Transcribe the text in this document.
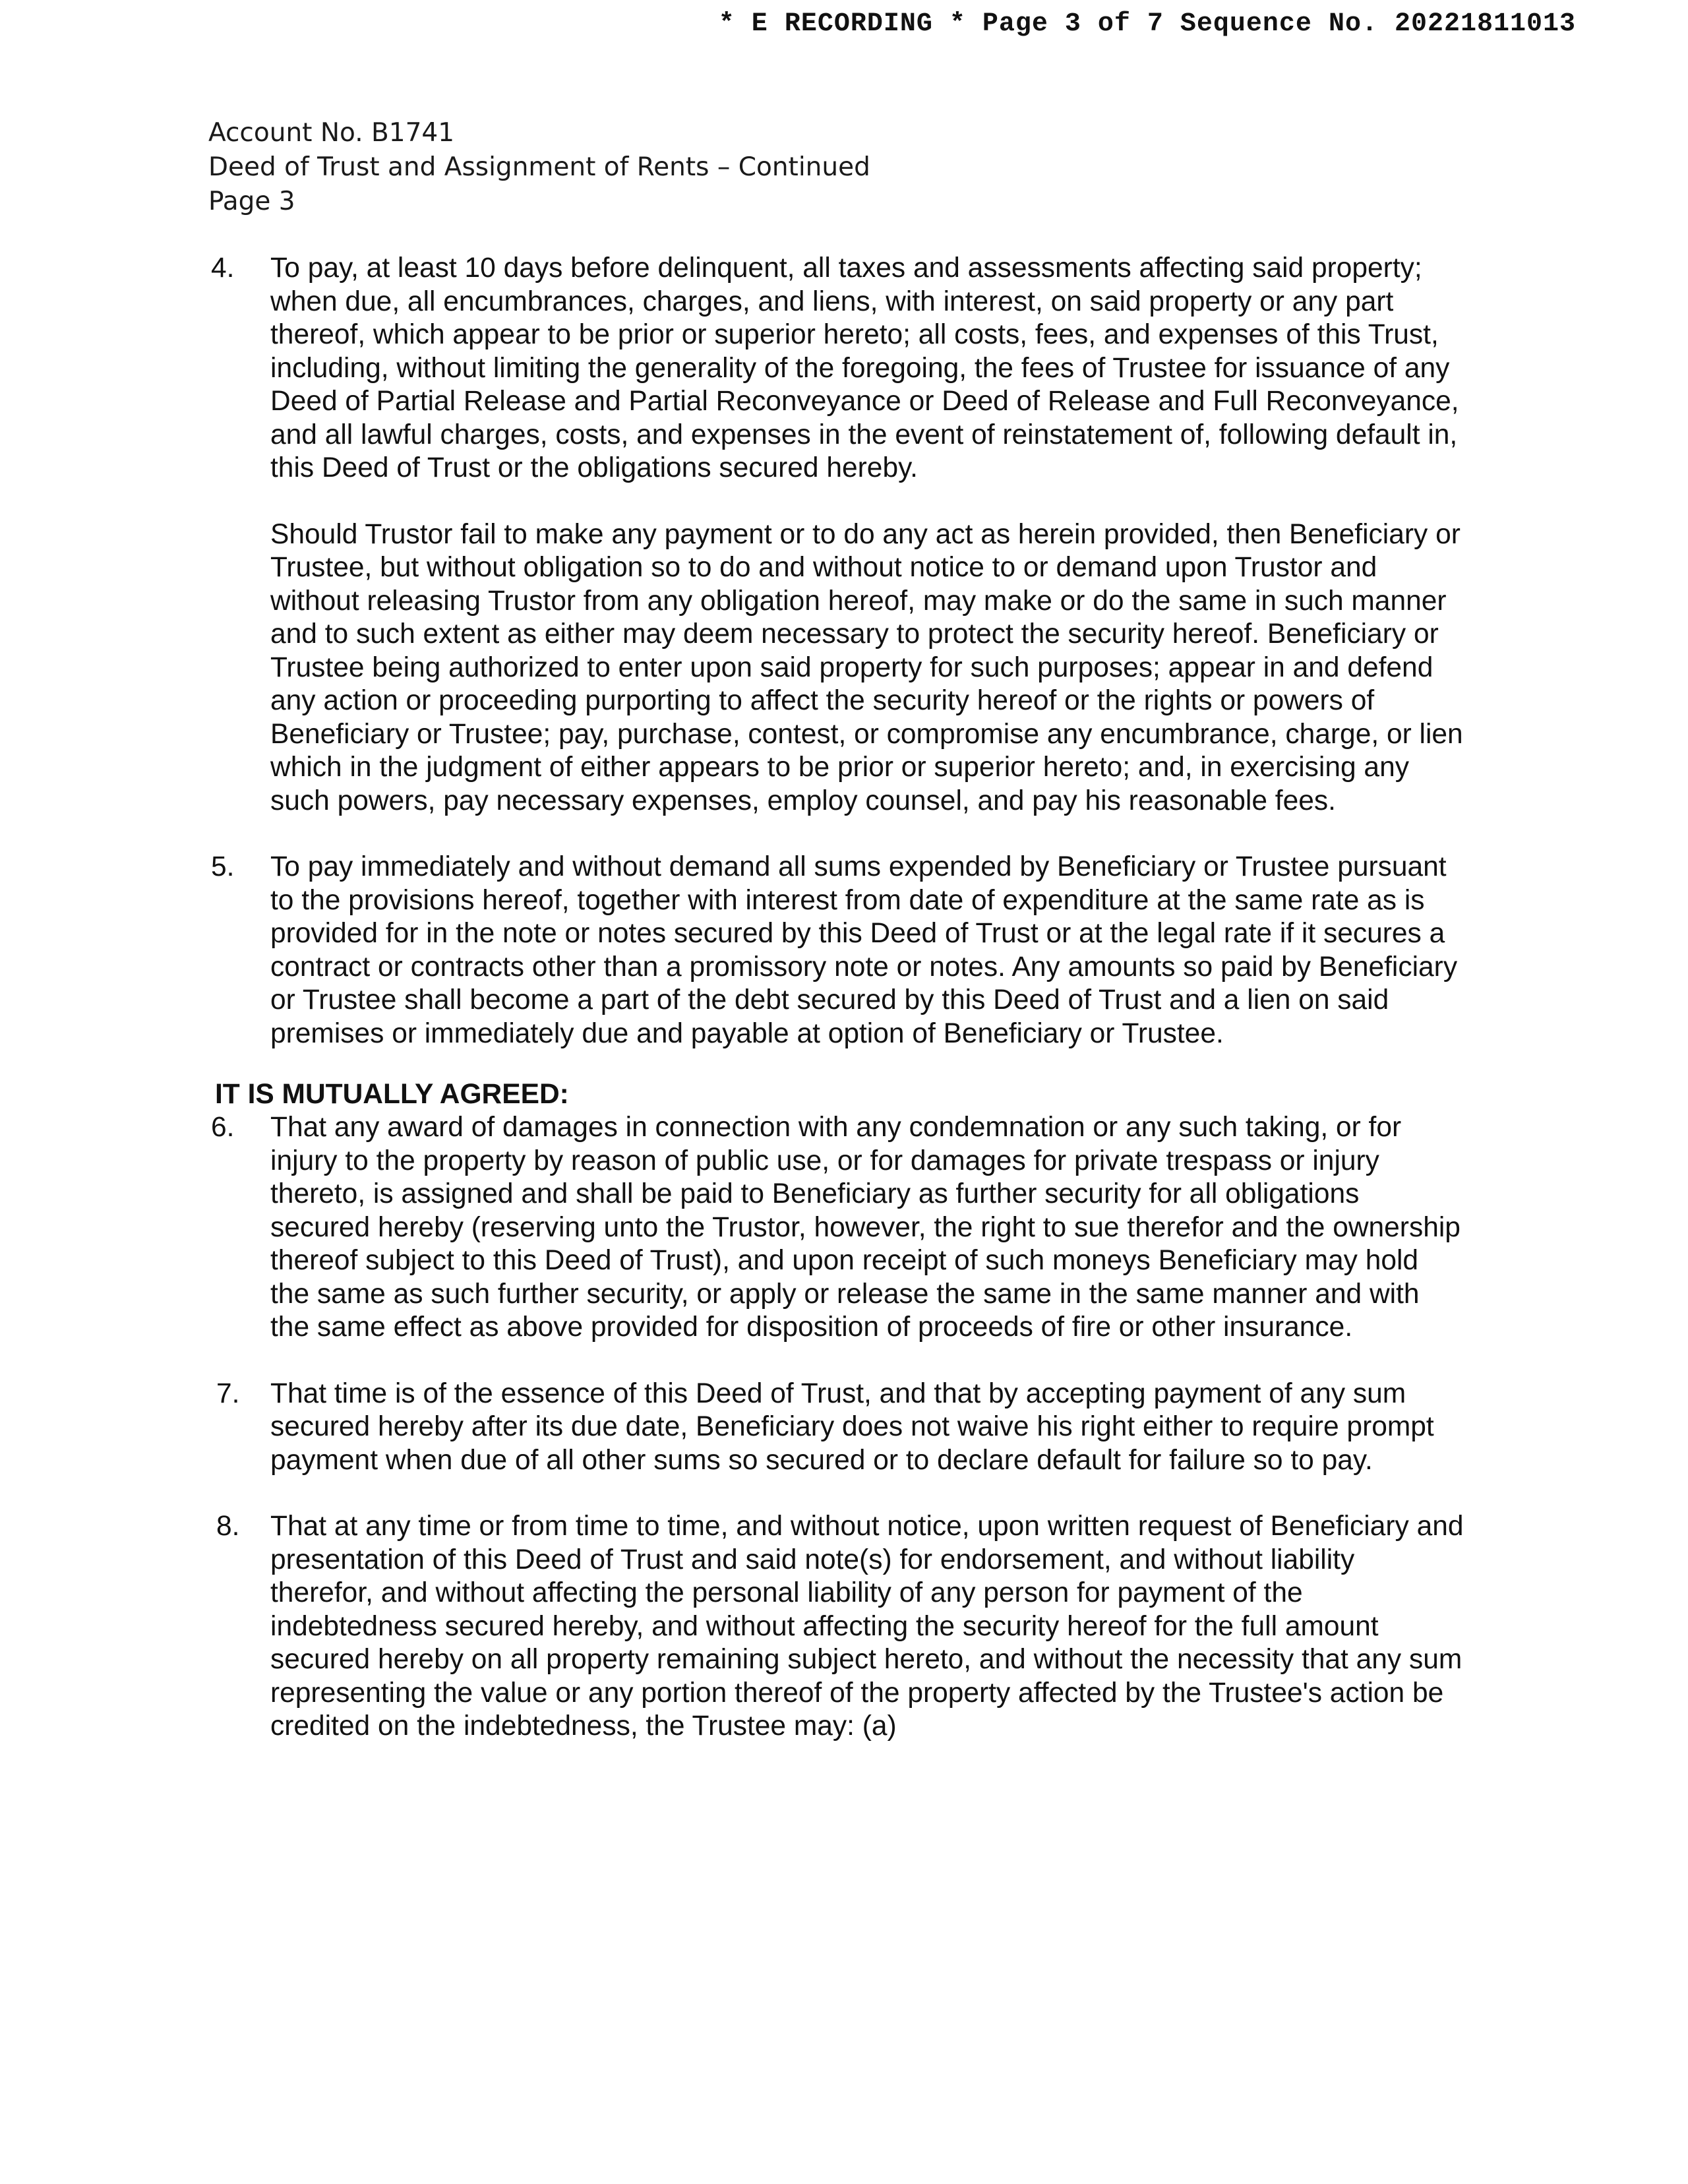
* E RECORDING * Page 3 of 7 Sequence No. 20221811013
Account No. B1741
Deed of Trust and Assignment of Rents – Continued
Page 3
4. To pay, at least 10 days before delinquent, all taxes and assessments affecting said property; when due, all encumbrances, charges, and liens, with interest, on said property or any part thereof, which appear to be prior or superior hereto; all costs, fees, and expenses of this Trust, including, without limiting the generality of the foregoing, the fees of Trustee for issuance of any Deed of Partial Release and Partial Reconveyance or Deed of Release and Full Reconveyance, and all lawful charges, costs, and expenses in the event of reinstatement of, following default in, this Deed of Trust or the obligations secured hereby.

Should Trustor fail to make any payment or to do any act as herein provided, then Beneficiary or Trustee, but without obligation so to do and without notice to or demand upon Trustor and without releasing Trustor from any obligation hereof, may make or do the same in such manner and to such extent as either may deem necessary to protect the security hereof. Beneficiary or Trustee being authorized to enter upon said property for such purposes; appear in and defend any action or proceeding purporting to affect the security hereof or the rights or powers of Beneficiary or Trustee; pay, purchase, contest, or compromise any encumbrance, charge, or lien which in the judgment of either appears to be prior or superior hereto; and, in exercising any such powers, pay necessary expenses, employ counsel, and pay his reasonable fees.

5. To pay immediately and without demand all sums expended by Beneficiary or Trustee pursuant to the provisions hereof, together with interest from date of expenditure at the same rate as is provided for in the note or notes secured by this Deed of Trust or at the legal rate if it secures a contract or contracts other than a promissory note or notes. Any amounts so paid by Beneficiary or Trustee shall become a part of the debt secured by this Deed of Trust and a lien on said premises or immediately due and payable at option of Beneficiary or Trustee.

IT IS MUTUALLY AGREED:
6. That any award of damages in connection with any condemnation or any such taking, or for injury to the property by reason of public use, or for damages for private trespass or injury thereto, is assigned and shall be paid to Beneficiary as further security for all obligations secured hereby (reserving unto the Trustor, however, the right to sue therefor and the ownership thereof subject to this Deed of Trust), and upon receipt of such moneys Beneficiary may hold the same as such further security, or apply or release the same in the same manner and with the same effect as above provided for disposition of proceeds of fire or other insurance.

7. That time is of the essence of this Deed of Trust, and that by accepting payment of any sum secured hereby after its due date, Beneficiary does not waive his right either to require prompt payment when due of all other sums so secured or to declare default for failure so to pay.

8. That at any time or from time to time, and without notice, upon written request of Beneficiary and presentation of this Deed of Trust and said note(s) for endorsement, and without liability therefor, and without affecting the personal liability of any person for payment of the indebtedness secured hereby, and without affecting the security hereof for the full amount secured hereby on all property remaining subject hereto, and without the necessity that any sum representing the value or any portion thereof of the property affected by the Trustee's action be credited on the indebtedness, the Trustee may: (a)
